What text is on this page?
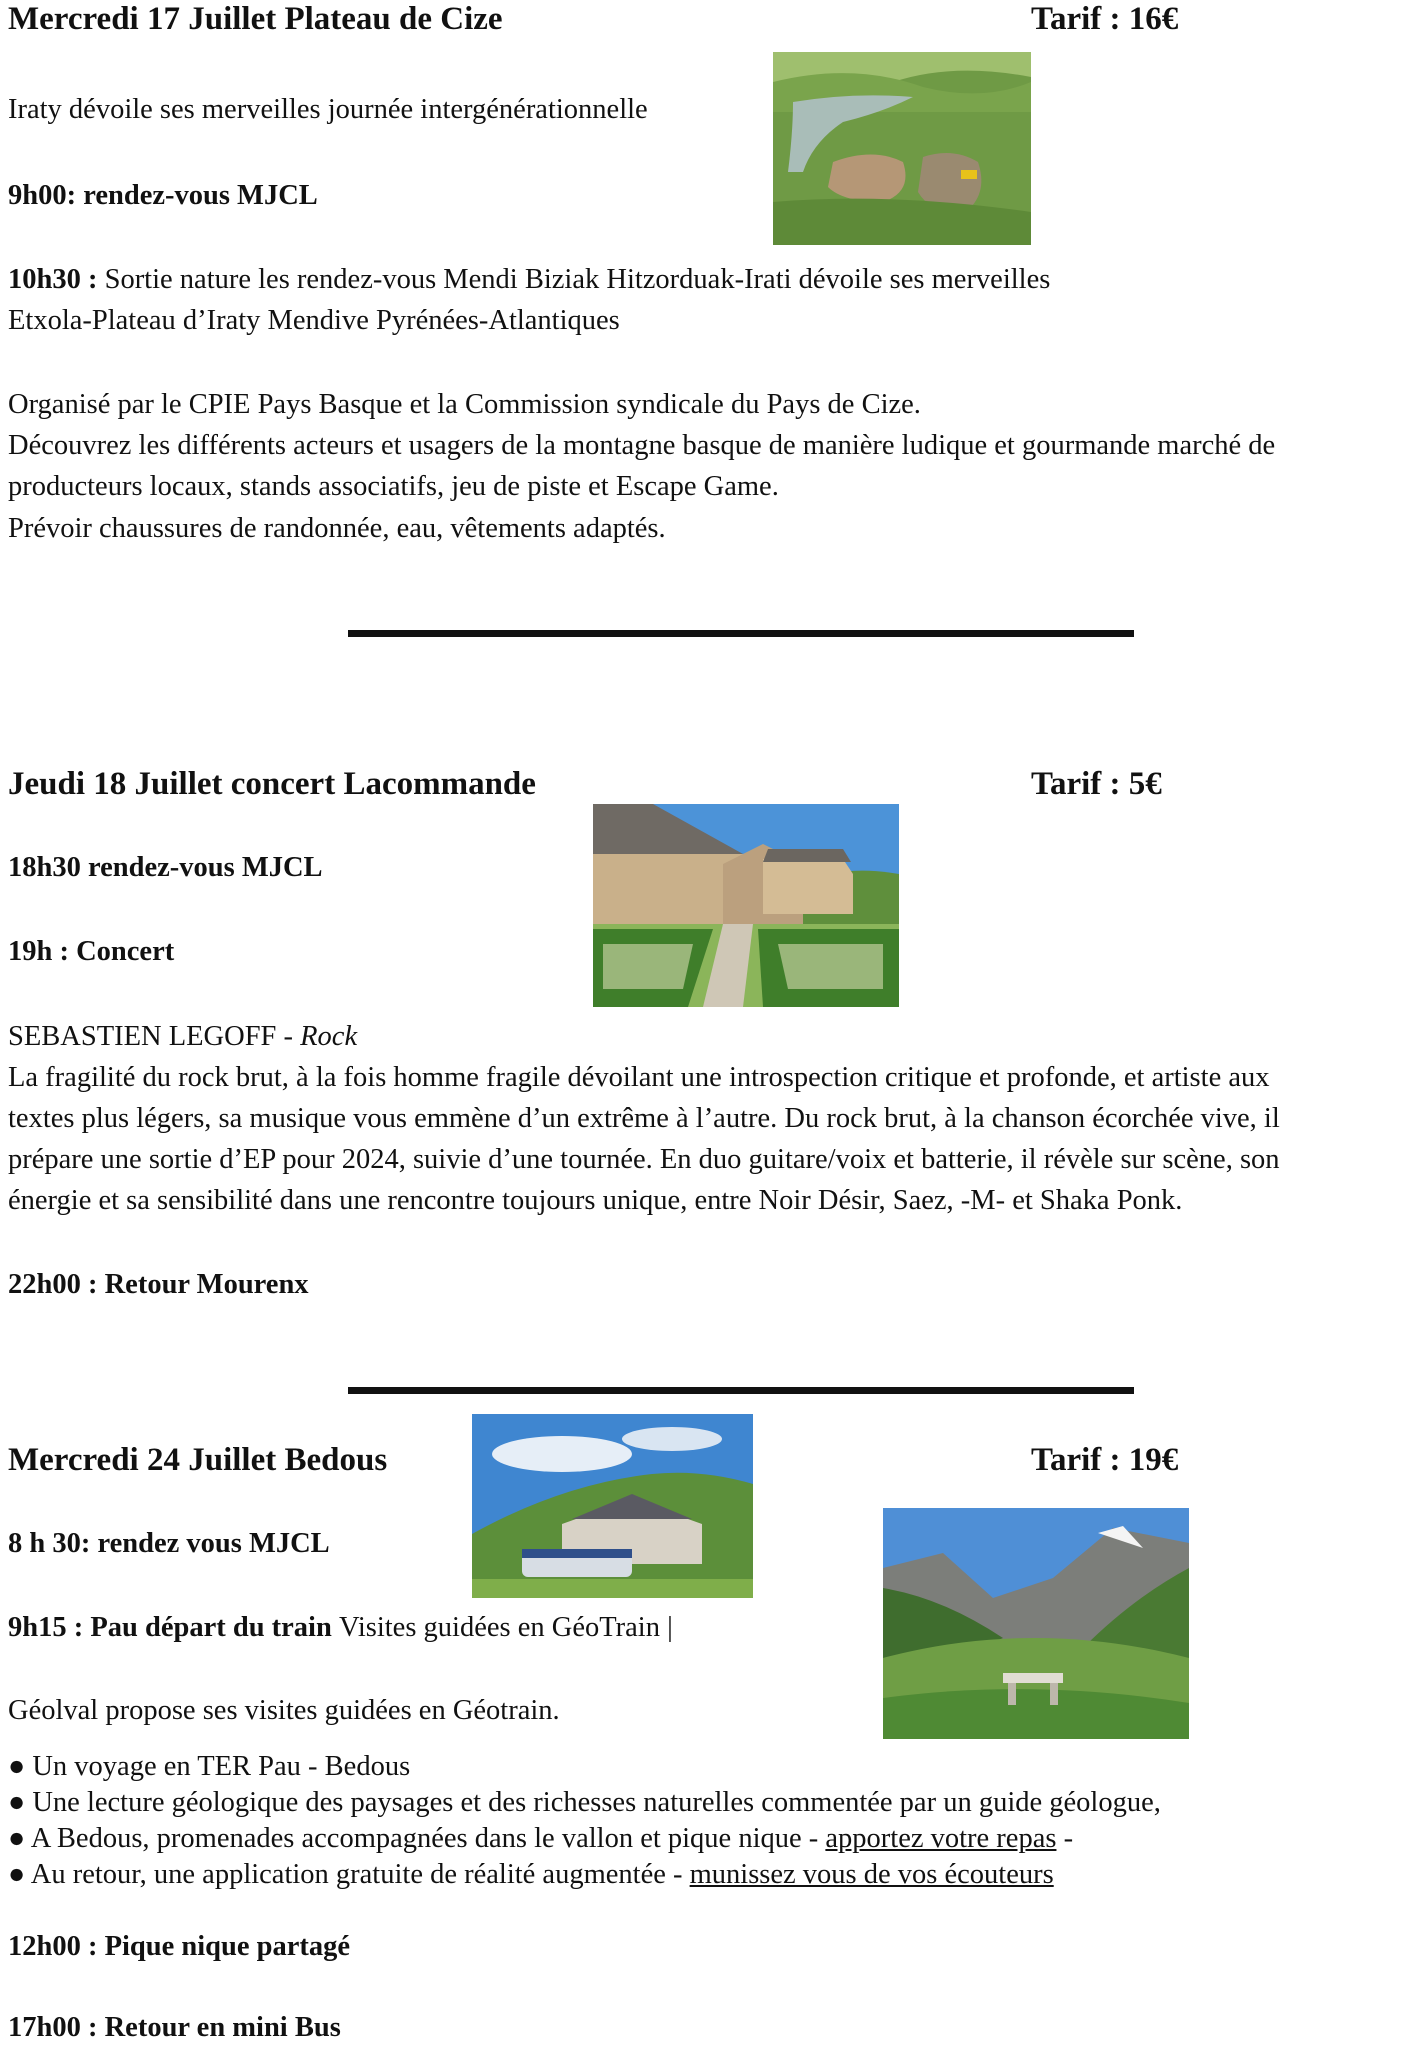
Mercredi 17 Juillet Plateau de Cize	Tarif : 16€
Iraty dévoile ses merveilles journée intergénérationnelle
9h00: rendez-vous MJCL
10h30 : Sortie nature les rendez-vous Mendi Biziak Hitzorduak-Irati dévoile ses merveilles
Etxola-Plateau d’Iraty Mendive Pyrénées-Atlantiques
Organisé par le CPIE Pays Basque et la Commission syndicale du Pays de Cize.
Découvrez les différents acteurs et usagers de la montagne basque de manière ludique et gourmande marché de
producteurs locaux, stands associatifs, jeu de piste et Escape Game.
Prévoir chaussures de randonnée, eau, vêtements adaptés.
Jeudi 18 Juillet concert Lacommande	Tarif : 5€
18h30 rendez-vous MJCL
19h : Concert
SEBASTIEN LEGOFF - Rock
La fragilité du rock brut, à la fois homme fragile dévoilant une introspection critique et profonde, et artiste aux
textes plus légers, sa musique vous emmène d’un extrême à l’autre. Du rock brut, à la chanson écorchée vive, il
prépare une sortie d’EP pour 2024, suivie d’une tournée. En duo guitare/voix et batterie, il révèle sur scène, son
énergie et sa sensibilité dans une rencontre toujours unique, entre Noir Désir, Saez, -M- et Shaka Ponk.
22h00 : Retour Mourenx
Mercredi 24 Juillet Bedous	Tarif : 19€
8 h 30: rendez vous MJCL
9h15 : Pau départ du train Visites guidées en GéoTrain |
Géolval propose ses visites guidées en Géotrain.
● Un voyage en TER Pau - Bedous
● Une lecture géologique des paysages et des richesses naturelles commentée par un guide géologue,
● A Bedous, promenades accompagnées dans le vallon et pique nique - apportez votre repas -
● Au retour, une application gratuite de réalité augmentée - munissez vous de vos écouteurs
12h00 : Pique nique partagé
17h00 : Retour en mini Bus
